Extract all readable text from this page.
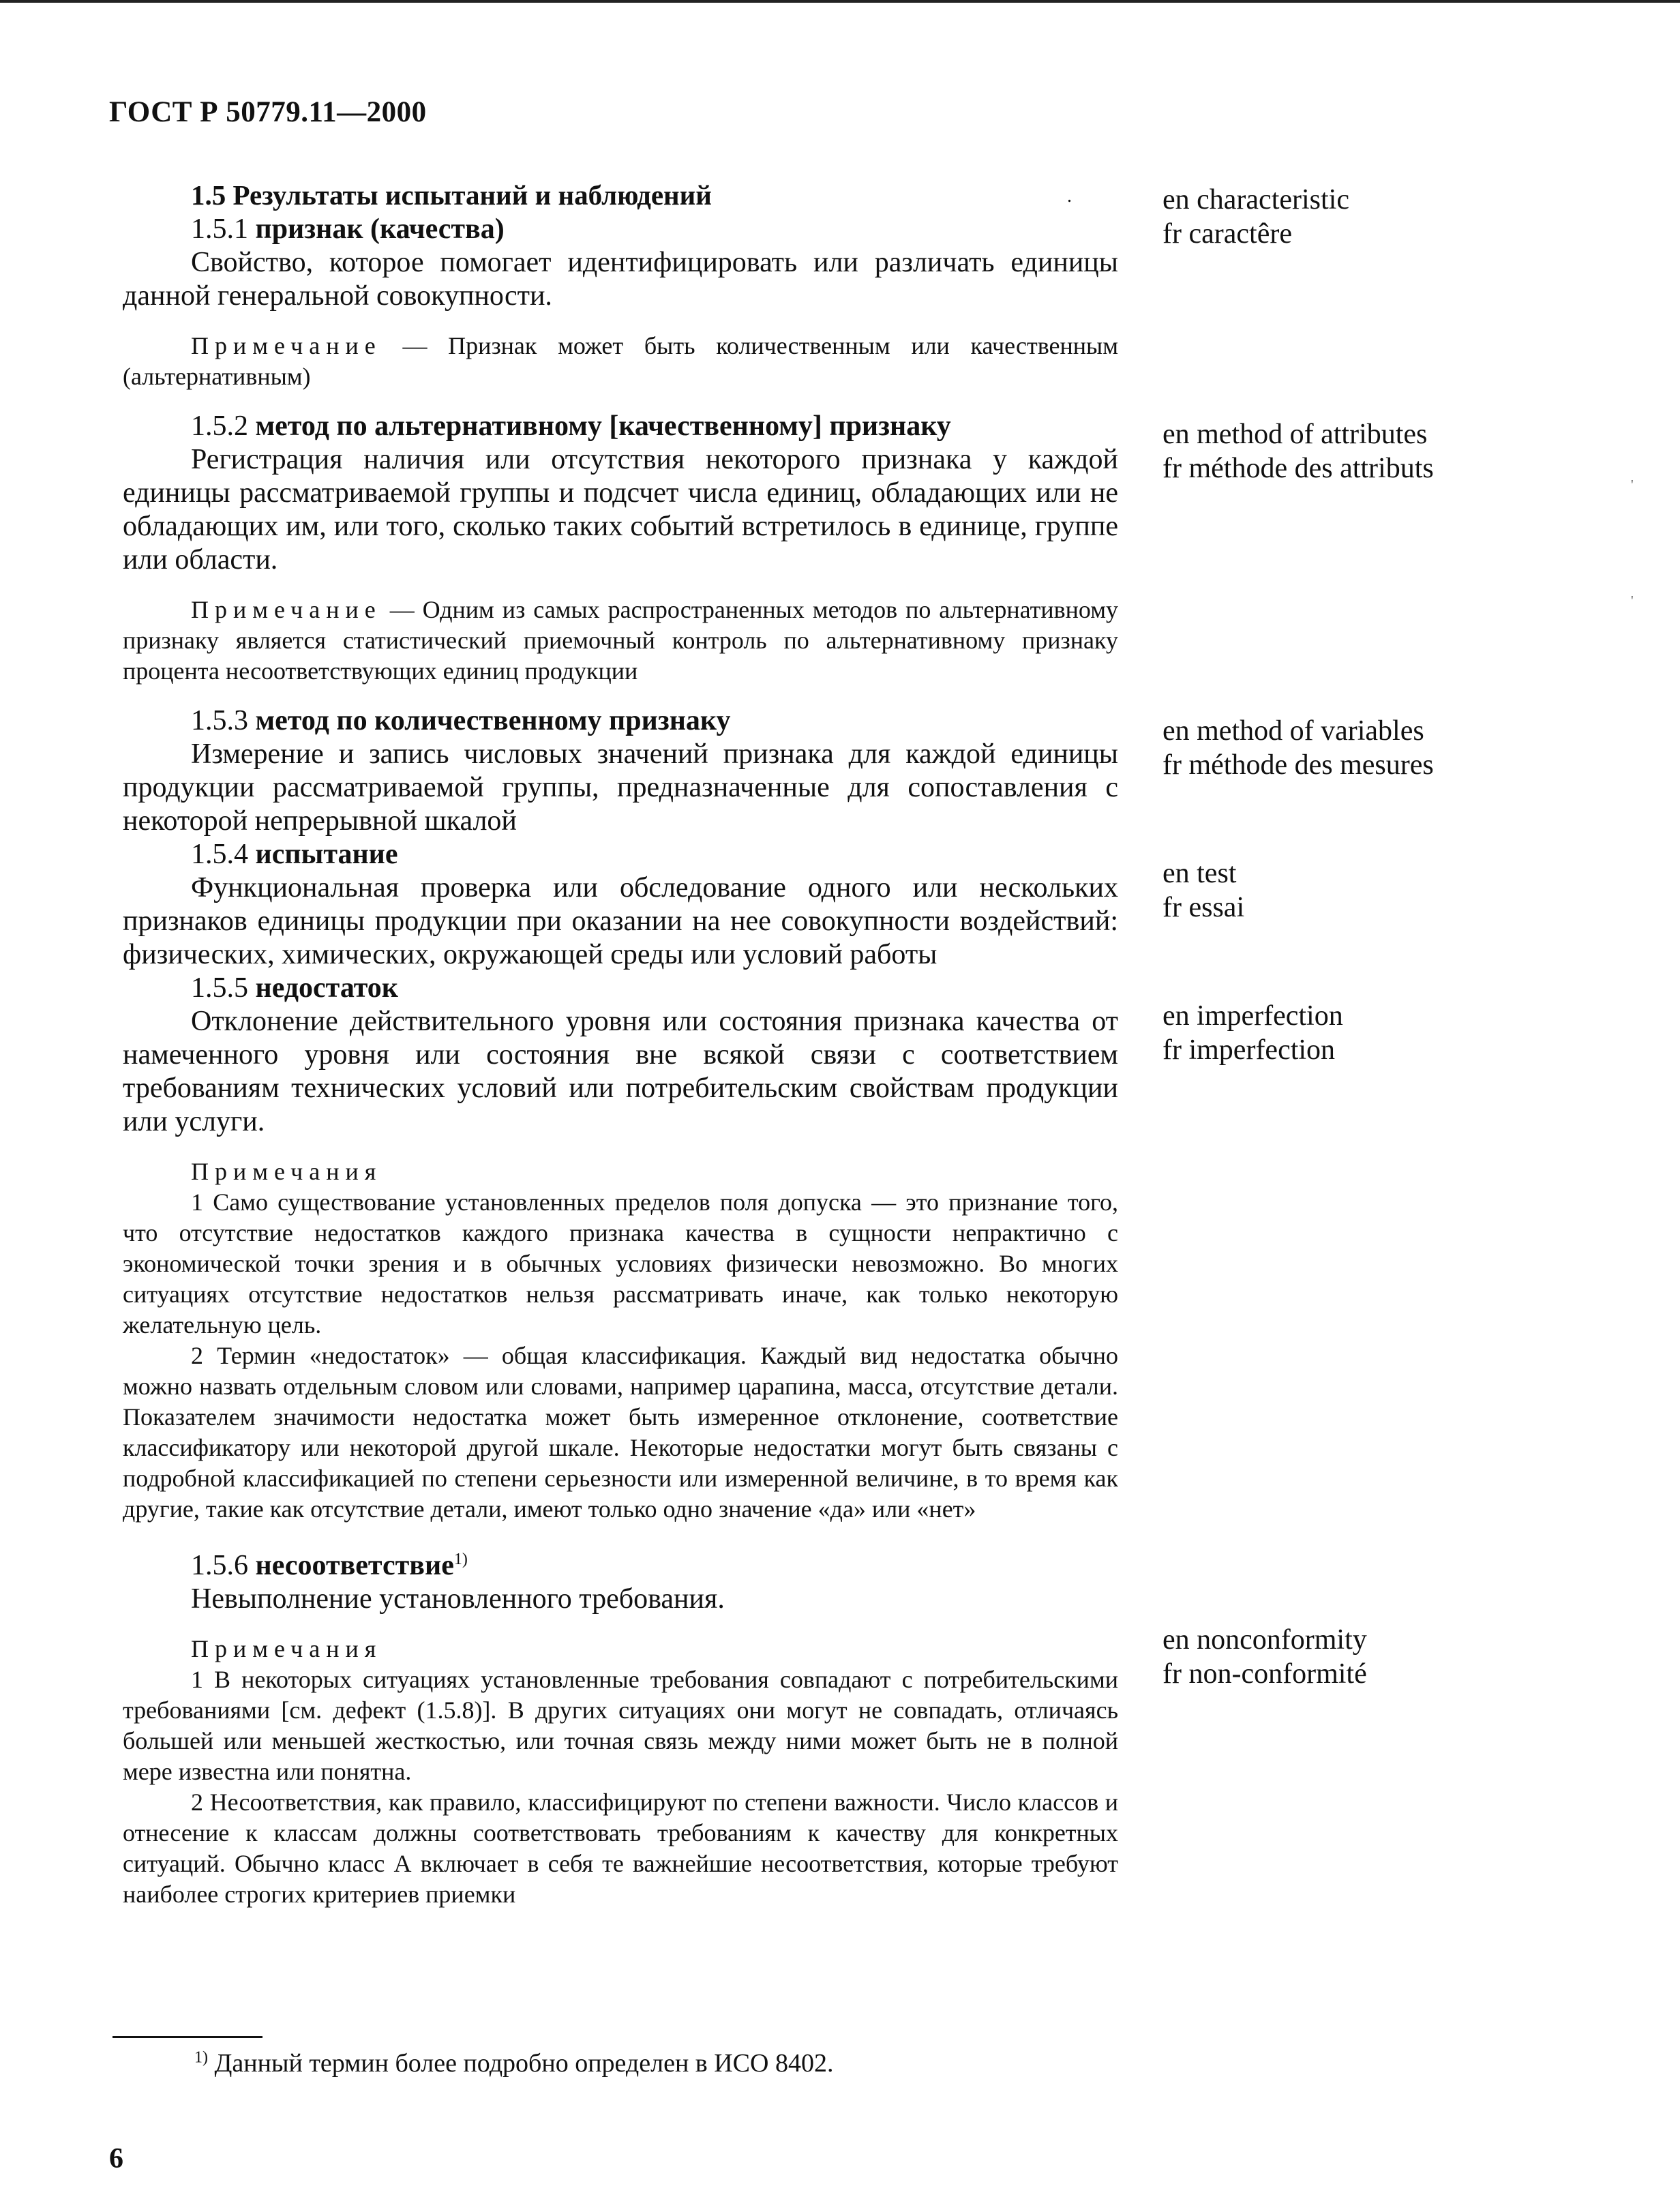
ГОСТ Р 50779.11—2000
1.5 Результаты испытаний и наблюдений	.	en characteristic
fr caractêre
en method of attributes
fr méthode des attributs
en method of variables
fr méthode des mesures
en test
fr essai
en imperfection
fr imperfection
en nonconformity
fr non-conformité
'
'

1.5.1 признак (качества)

Свойство, которое помогает идентифицировать или различать единицы данной генеральной совокупности.

Примечание — Признак может быть количественным или качественным (альтернативным)

1.5.2 метод по альтернативному [качественному] признаку

Регистрация наличия или отсутствия некоторого признака у каждой единицы рассматриваемой группы и подсчет числа единиц, обладающих или не обладающих им, или того, сколько таких событий встретилось в единице, группе или области.

Примечание — Одним из самых распространенных методов по альтернативному признаку является статистический приемочный контроль по альтернативному признаку процента несоответствующих единиц продукции

1.5.3 метод по количественному признаку

Измерение и запись числовых значений признака для каждой единицы продукции рассматриваемой группы, предназначенные для сопоставления с некоторой непрерывной шкалой

1.5.4 испытание

Функциональная проверка или обследование одного или нескольких признаков единицы продукции при оказании на нее совокупности воздействий: физических, химических, окружающей среды или условий работы

1.5.5 недостаток

Отклонение действительного уровня или состояния признака качества от намеченного уровня или состояния вне всякой связи с соответствием требованиям технических условий или потребительским свойствам продукции или услуги.

Примечания

1 Само существование установленных пределов поля допуска — это признание того, что отсутствие недостатков каждого признака качества в сущности непрактично с экономической точки зрения и в обычных условиях физически невозможно. Во многих ситуациях отсутствие недостатков нельзя рассматривать иначе, как только некоторую желательную цель.

2 Термин «недостаток» — общая классификация. Каждый вид недостатка обычно можно назвать отдельным словом или словами, например царапина, масса, отсутствие детали. Показателем значимости недостатка может быть измеренное отклонение, соответствие классификатору или некоторой другой шкале. Некоторые недостатки могут быть связаны с подробной классификацией по степени серьезности или измеренной величине, в то время как другие, такие как отсутствие детали, имеют только одно значение «да» или «нет»

1.5.6 несоответствие$^{1)}$

Невыполнение установленного требования.

Примечания

1 В некоторых ситуациях установленные требования совпадают с потребительскими требованиями [см. дефект (1.5.8)]. В других ситуациях они могут не совпадать, отличаясь большей или меньшей жесткостью, или точная связь между ними может быть не в полной мере известна или понятна.

2 Несоответствия, как правило, классифицируют по степени важности. Число классов и отнесение к классам должны соответствовать требованиям к качеству для конкретных ситуаций. Обычно класс А включает в себя те важнейшие несоответствия, которые требуют наиболее строгих критериев приемки

$^{1)}$ Данный термин более подробно определен в ИСО 8402.
6
